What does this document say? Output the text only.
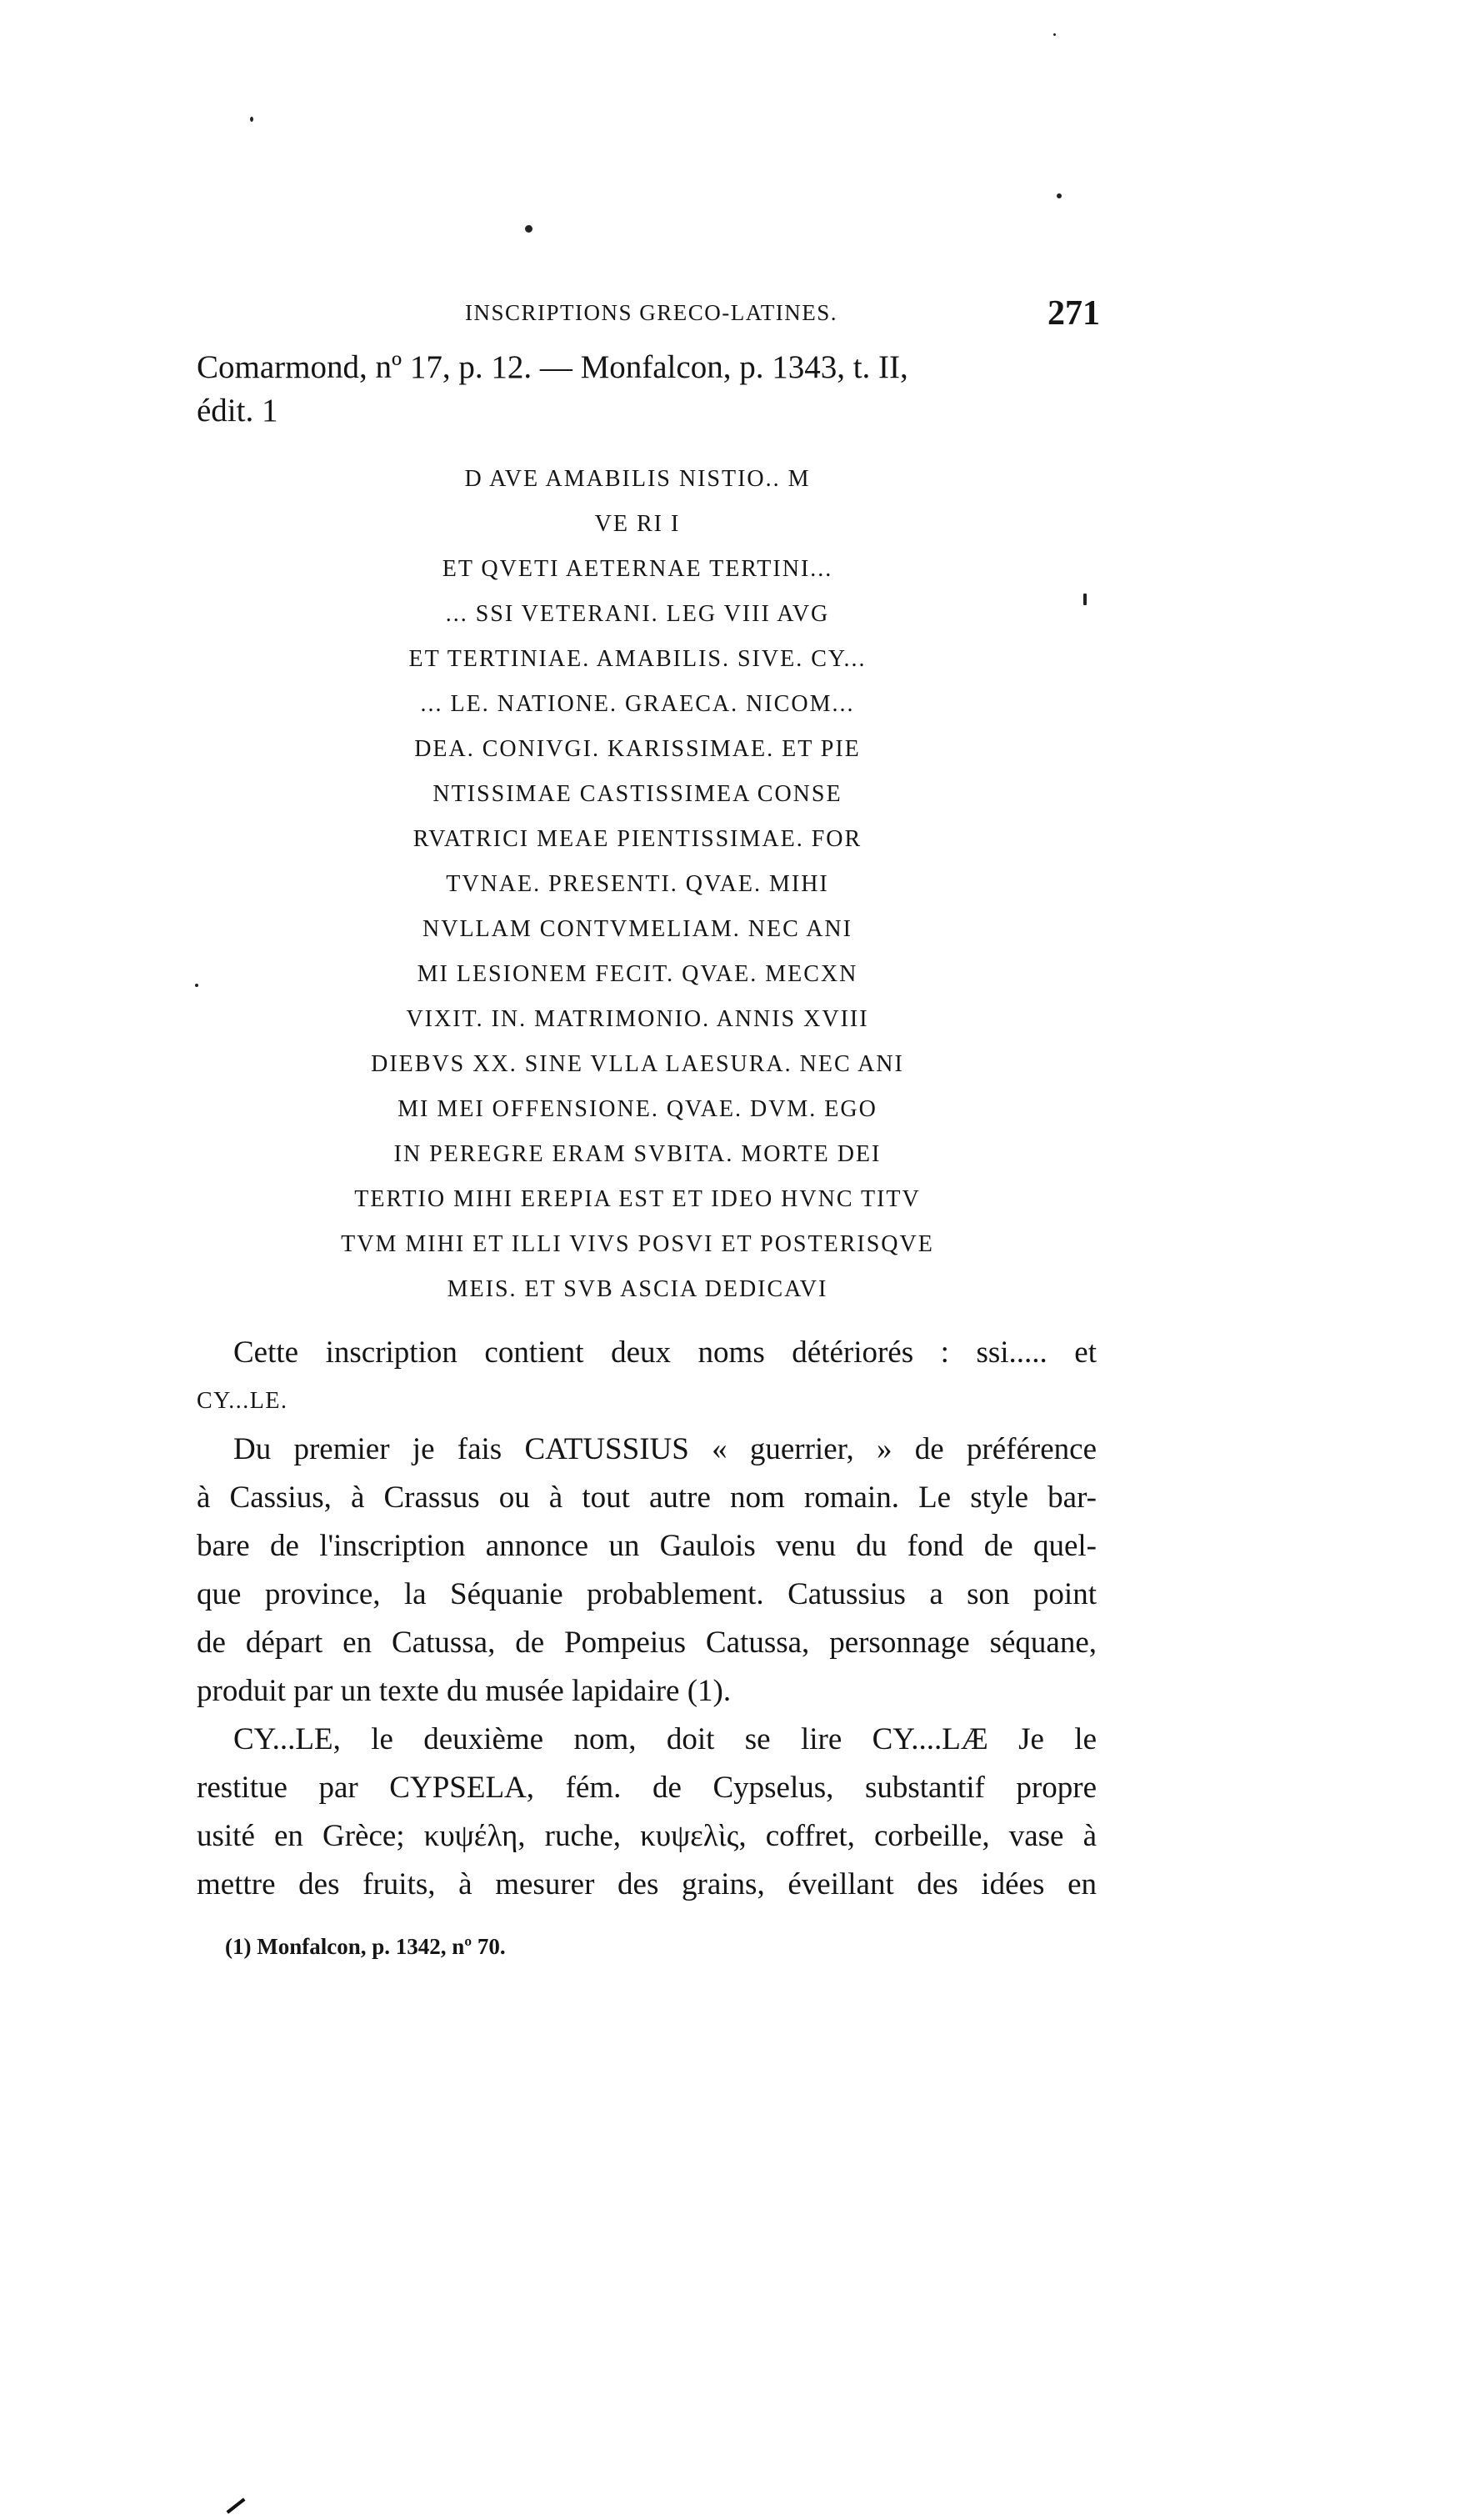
INSCRIPTIONS GRECO-LATINES.	271
Comarmond, nº 17, p. 12. — Monfalcon, p. 1343, t. II,
édit. 1
D AVE AMABILIS NISTIO.. M
VE RI I
ET QVETI AETERNAE TERTINI...
... SSI VETERANI. LEG VIII AVG
ET TERTINIAE. AMABILIS. SIVE. CY...
... LE. NATIONE. GRAECA. NICOM...
DEA. CONIVGI. KARISSIMAE. ET PIE
NTISSIMAE CASTISSIMEA CONSE
RVATRICI MEAE PIENTISSIMAE. FOR
TVNAE. PRESENTI. QVAE. MIHI
NVLLAM CONTVMELIAM. NEC ANI
MI LESIONEM FECIT. QVAE. MECXN
VIXIT. IN. MATRIMONIO. ANNIS XVIII
DIEBVS XX. SINE VLLA LAESURA. NEC ANI
MI MEI OFFENSIONE. QVAE. DVM. EGO
IN PEREGRE ERAM SVBITA. MORTE DEI
TERTIO MIHI EREPIA EST ET IDEO HVNC TITV
TVM MIHI ET ILLI VIVS POSVI ET POSTERISQVE
MEIS. ET SVB ASCIA DEDICAVI
Cette inscription contient deux noms détériorés : ssi..... et
CY...LE.
Du premier je fais CATUSSIUS « guerrier, » de préférence
à Cassius, à Crassus ou à tout autre nom romain. Le style bar-
bare de l'inscription annonce un Gaulois venu du fond de quel-
que province, la Séquanie probablement. Catussius a son point
de départ en Catussa, de Pompeius Catussa, personnage séquane,
produit par un texte du musée lapidaire (1).
CY...LE, le deuxième nom, doit se lire CY....LÆ Je le
restitue par CYPSELA, fém. de Cypselus, substantif propre
usité en Grèce; κυψέλη, ruche, κυψελὶς, coffret, corbeille, vase à
mettre des fruits, à mesurer des grains, éveillant des idées en
(1) Monfalcon, p. 1342, nº 70.
